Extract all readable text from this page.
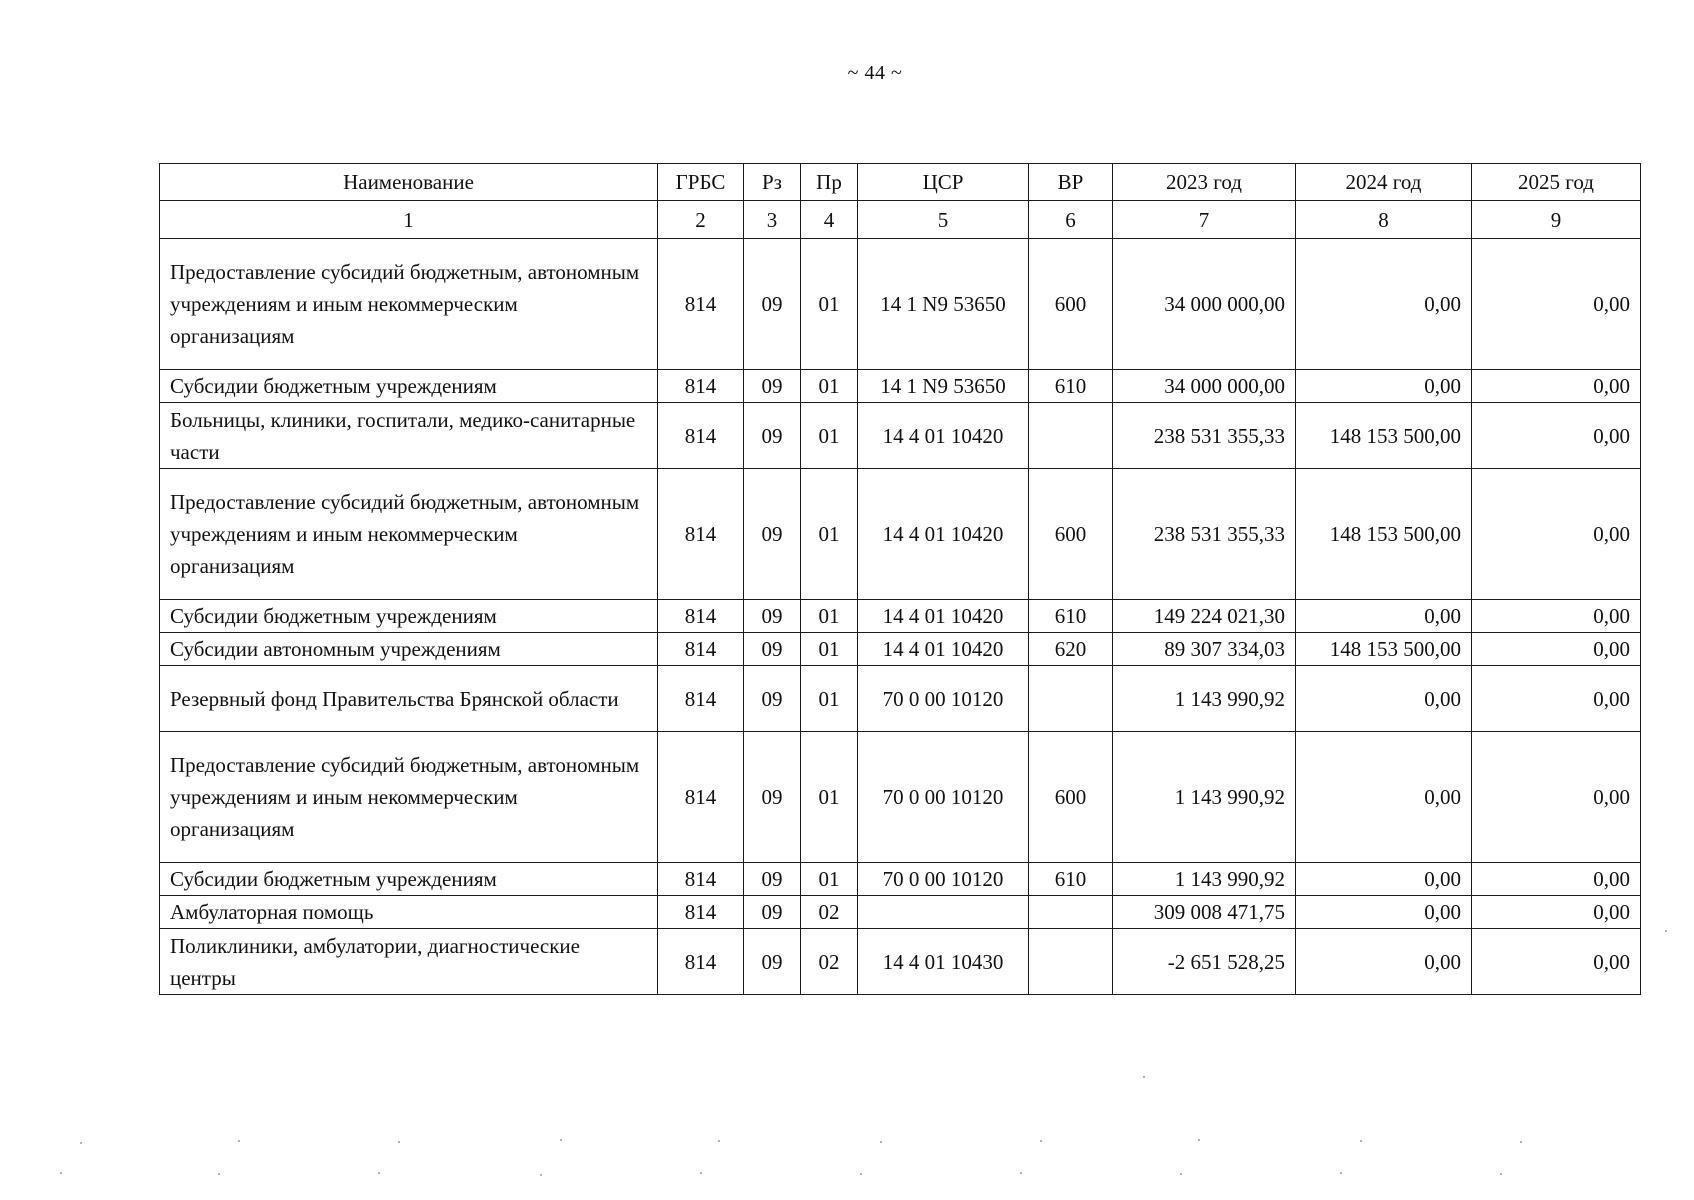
~ 44 ~
Наименование	ГРБС	Рз	Пр	ЦСР	ВР	2023 год	2024 год	2025 год
1	2	3	4	5	6	7	8	9
Предоставление субсидий бюджетным, автономным учреждениям и иным некоммерческим организациям	814	09	01	14 1 N9 53650	600	34 000 000,00	0,00	0,00
Субсидии бюджетным учреждениям	814	09	01	14 1 N9 53650	610	34 000 000,00	0,00	0,00
Больницы, клиники, госпитали, медико-санитарные части	814	09	01	14 4 01 10420		238 531 355,33	148 153 500,00	0,00
Предоставление субсидий бюджетным, автономным учреждениям и иным некоммерческим организациям	814	09	01	14 4 01 10420	600	238 531 355,33	148 153 500,00	0,00
Субсидии бюджетным учреждениям	814	09	01	14 4 01 10420	610	149 224 021,30	0,00	0,00
Субсидии автономным учреждениям	814	09	01	14 4 01 10420	620	89 307 334,03	148 153 500,00	0,00
Резервный фонд Правительства Брянской области	814	09	01	70 0 00 10120		1 143 990,92	0,00	0,00
Предоставление субсидий бюджетным, автономным учреждениям и иным некоммерческим организациям	814	09	01	70 0 00 10120	600	1 143 990,92	0,00	0,00
Субсидии бюджетным учреждениям	814	09	01	70 0 00 10120	610	1 143 990,92	0,00	0,00
Амбулаторная помощь	814	09	02			309 008 471,75	0,00	0,00
Поликлиники, амбулатории, диагностические центры	814	09	02	14 4 01 10430		-2 651 528,25	0,00	0,00
